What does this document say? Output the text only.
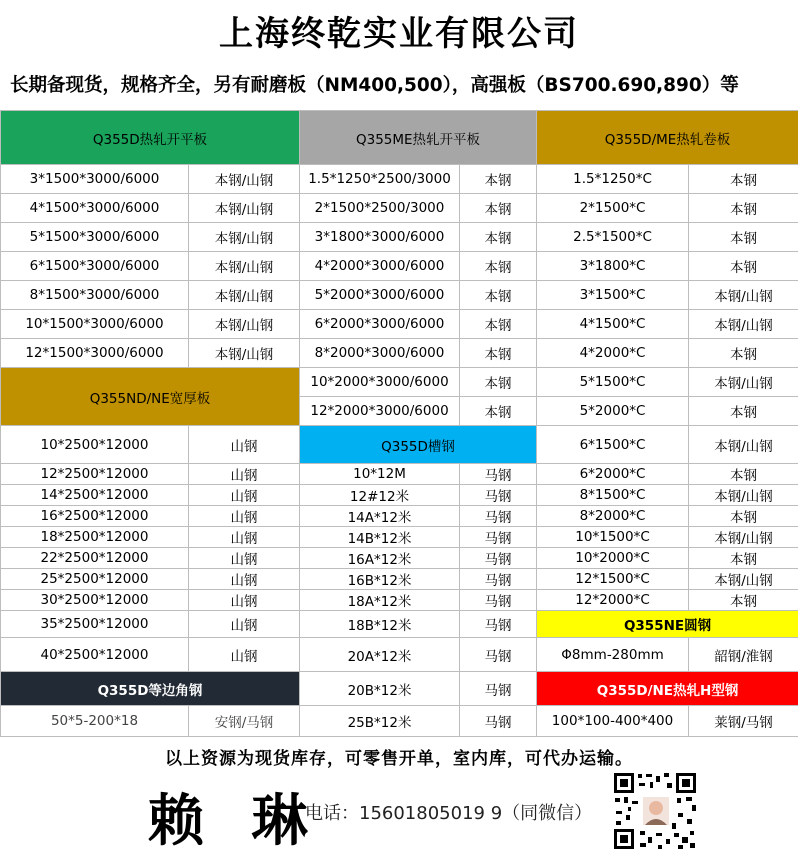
上海终乾实业有限公司
长期备现货，规格齐全，另有耐磨板（NM400,500），高强板（BS700.690,890）等
Q355D热轧开平板		Q355ME热轧开平板		Q355D/ME热轧卷板	
3*1500*3000/6000	本钢/山钢	1.5*1250*2500/3000	本钢	1.5*1250*C	本钢
4*1500*3000/6000	本钢/山钢	2*1500*2500/3000	本钢	2*1500*C	本钢
5*1500*3000/6000	本钢/山钢	3*1800*3000/6000	本钢	2.5*1500*C	本钢
6*1500*3000/6000	本钢/山钢	4*2000*3000/6000	本钢	3*1800*C	本钢
8*1500*3000/6000	本钢/山钢	5*2000*3000/6000	本钢	3*1500*C	本钢/山钢
10*1500*3000/6000	本钢/山钢	6*2000*3000/6000	本钢	4*1500*C	本钢/山钢
12*1500*3000/6000	本钢/山钢	8*2000*3000/6000	本钢	4*2000*C	本钢
Q355ND/NE宽厚板		10*2000*3000/6000	本钢	5*1500*C	本钢/山钢
		12*2000*3000/6000	本钢	5*2000*C	本钢
10*2500*12000	山钢	Q355D槽钢		6*1500*C	本钢/山钢
12*2500*12000	山钢	10*12M	马钢	6*2000*C	本钢
14*2500*12000	山钢	12#12米	马钢	8*1500*C	本钢/山钢
16*2500*12000	山钢	14A*12米	马钢	8*2000*C	本钢
18*2500*12000	山钢	14B*12米	马钢	10*1500*C	本钢/山钢
22*2500*12000	山钢	16A*12米	马钢	10*2000*C	本钢
25*2500*12000	山钢	16B*12米	马钢	12*1500*C	本钢/山钢
30*2500*12000	山钢	18A*12米	马钢	12*2000*C	本钢
35*2500*12000	山钢	18B*12米	马钢	Q355NE圆钢	
40*2500*12000	山钢	20A*12米	马钢	Φ8mm-280mm	韶钢/淮钢
Q355D等边角钢		20B*12米	马钢	Q355D/NE热轧H型钢	
50*5-200*18	安钢/马钢	25B*12米	马钢	100*100-400*400	莱钢/马钢
以上资源为现货库存，可零售开单，室内库，可代办运输。
赖 琳
电话：15601805019 9（同微信）
